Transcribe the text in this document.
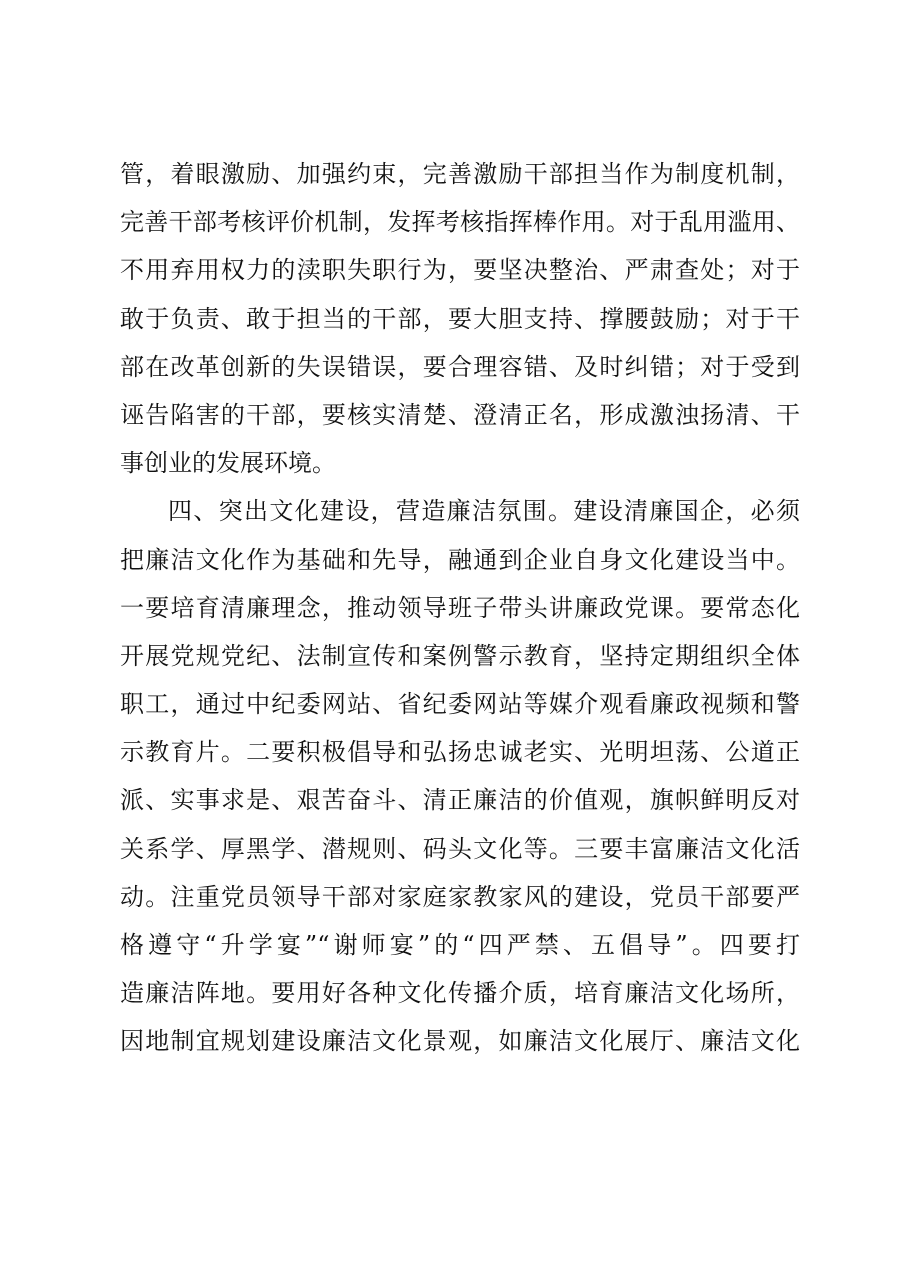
管，着眼激励、加强约束，完善激励干部担当作为制度机制，
完善干部考核评价机制，发挥考核指挥棒作用。对于乱用滥用、
不用弃用权力的渎职失职行为，要坚决整治、严肃查处；对于
敢于负责、敢于担当的干部，要大胆支持、撑腰鼓励；对于干
部在改革创新的失误错误，要合理容错、及时纠错；对于受到
诬告陷害的干部，要核实清楚、澄清正名，形成激浊扬清、干
事创业的发展环境。
四、突出文化建设，营造廉洁氛围。建设清廉国企，必须
把廉洁文化作为基础和先导，融通到企业自身文化建设当中。
一要培育清廉理念，推动领导班子带头讲廉政党课。要常态化
开展党规党纪、法制宣传和案例警示教育，坚持定期组织全体
职工，通过中纪委网站、省纪委网站等媒介观看廉政视频和警
示教育片。二要积极倡导和弘扬忠诚老实、光明坦荡、公道正
派、实事求是、艰苦奋斗、清正廉洁的价值观，旗帜鲜明反对
关系学、厚黑学、潜规则、码头文化等。三要丰富廉洁文化活
动。注重党员领导干部对家庭家教家风的建设，党员干部要严
格遵守“升学宴”“谢师宴”的“四严禁、五倡导”。四要打
造廉洁阵地。要用好各种文化传播介质，培育廉洁文化场所，
因地制宜规划建设廉洁文化景观，如廉洁文化展厅、廉洁文化
